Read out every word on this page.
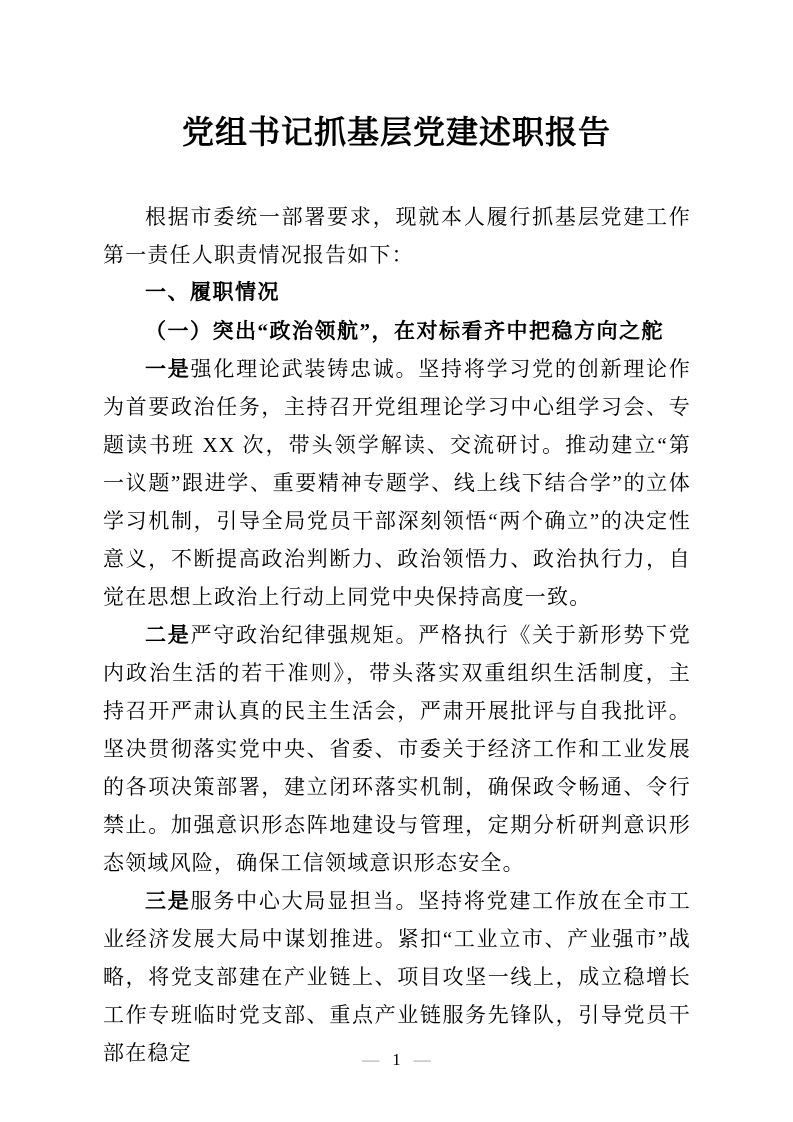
党组书记抓基层党建述职报告

根据市委统一部署要求，现就本人履行抓基层党建工作第一责任人职责情况报告如下：

一、履职情况

（一）突出“政治领航”，在对标看齐中把稳方向之舵

一是强化理论武装铸忠诚。坚持将学习党的创新理论作为首要政治任务，主持召开党组理论学习中心组学习会、专题读书班 XX 次，带头领学解读、交流研讨。推动建立“第一议题”跟进学、重要精神专题学、线上线下结合学”的立体学习机制，引导全局党员干部深刻领悟“两个确立”的决定性意义，不断提高政治判断力、政治领悟力、政治执行力，自觉在思想上政治上行动上同党中央保持高度一致。

二是严守政治纪律强规矩。严格执行《关于新形势下党内政治生活的若干准则》，带头落实双重组织生活制度，主持召开严肃认真的民主生活会，严肃开展批评与自我批评。坚决贯彻落实党中央、省委、市委关于经济工作和工业发展的各项决策部署，建立闭环落实机制，确保政令畅通、令行禁止。加强意识形态阵地建设与管理，定期分析研判意识形态领域风险，确保工信领域意识形态安全。

三是服务中心大局显担当。坚持将党建工作放在全市工业经济发展大局中谋划推进。紧扣“工业立市、产业强市”战略，将党支部建在产业链上、项目攻坚一线上，成立稳增长工作专班临时党支部、重点产业链服务先锋队，引导党员干部在稳定	— 1 —
